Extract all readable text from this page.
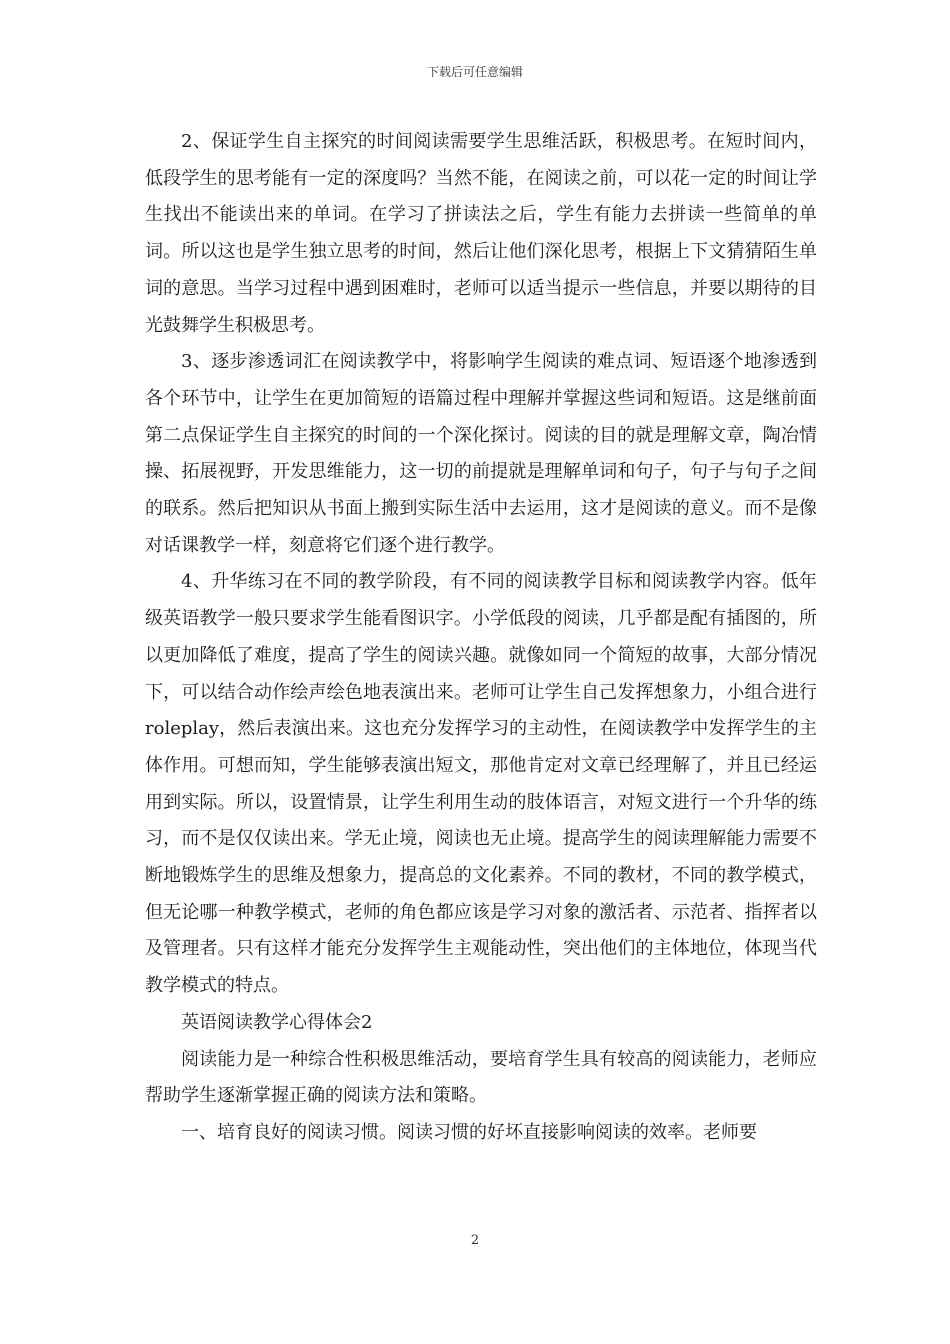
下载后可任意编辑

2、保证学生自主探究的时间阅读需要学生思维活跃，积极思考。在短时间内，低段学生的思考能有一定的深度吗？当然不能，在阅读之前，可以花一定的时间让学生找出不能读出来的单词。在学习了拼读法之后，学生有能力去拼读一些简单的单词。所以这也是学生独立思考的时间，然后让他们深化思考，根据上下文猜猜陌生单词的意思。当学习过程中遇到困难时，老师可以适当提示一些信息，并要以期待的目光鼓舞学生积极思考。

3、逐步渗透词汇在阅读教学中，将影响学生阅读的难点词、短语逐个地渗透到各个环节中，让学生在更加简短的语篇过程中理解并掌握这些词和短语。这是继前面第二点保证学生自主探究的时间的一个深化探讨。阅读的目的就是理解文章，陶冶情操、拓展视野，开发思维能力，这一切的前提就是理解单词和句子，句子与句子之间的联系。然后把知识从书面上搬到实际生活中去运用，这才是阅读的意义。而不是像对话课教学一样，刻意将它们逐个进行教学。

4、升华练习在不同的教学阶段，有不同的阅读教学目标和阅读教学内容。低年级英语教学一般只要求学生能看图识字。小学低段的阅读，几乎都是配有插图的，所以更加降低了难度，提高了学生的阅读兴趣。就像如同一个简短的故事，大部分情况下，可以结合动作绘声绘色地表演出来。老师可让学生自己发挥想象力，小组合进行roleplay，然后表演出来。这也充分发挥学习的主动性，在阅读教学中发挥学生的主体作用。可想而知，学生能够表演出短文，那他肯定对文章已经理解了，并且已经运用到实际。所以，设置情景，让学生利用生动的肢体语言，对短文进行一个升华的练习，而不是仅仅读出来。学无止境，阅读也无止境。提高学生的阅读理解能力需要不断地锻炼学生的思维及想象力，提高总的文化素养。不同的教材，不同的教学模式，但无论哪一种教学模式，老师的角色都应该是学习对象的激活者、示范者、指挥者以及管理者。只有这样才能充分发挥学生主观能动性，突出他们的主体地位，体现当代教学模式的特点。

英语阅读教学心得体会2

阅读能力是一种综合性积极思维活动，要培育学生具有较高的阅读能力，老师应帮助学生逐渐掌握正确的阅读方法和策略。

一、培育良好的阅读习惯。阅读习惯的好坏直接影响阅读的效率。老师要

2
